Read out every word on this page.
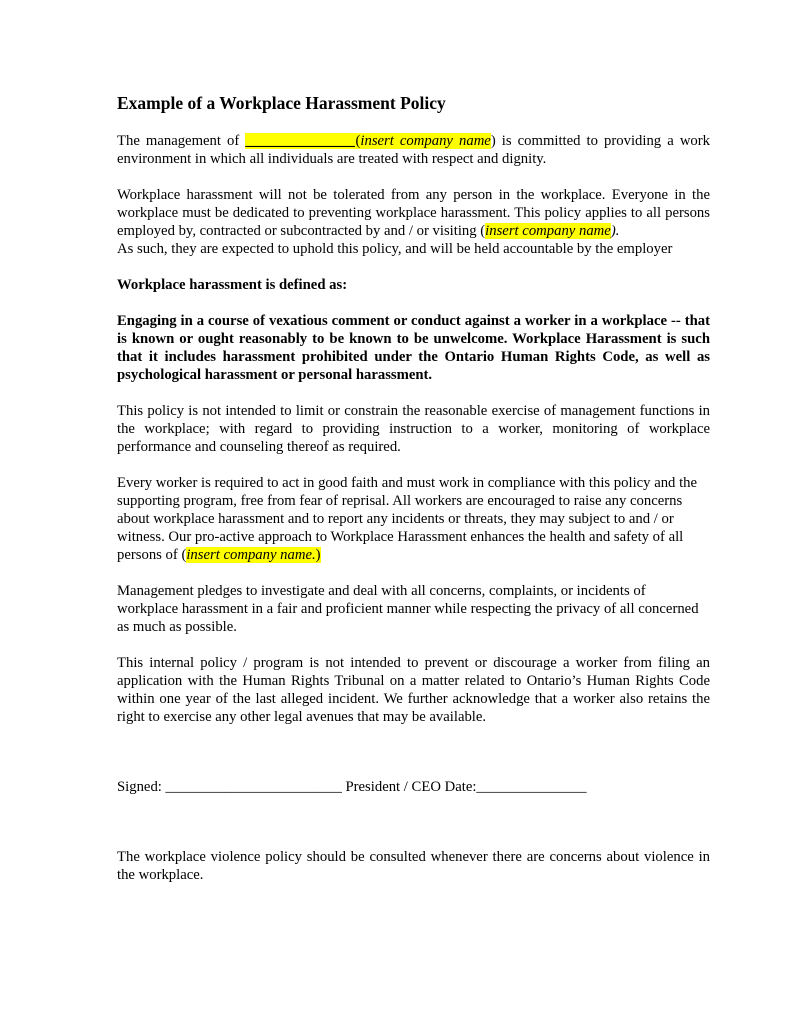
Example of a Workplace Harassment Policy

The management of _______________(insert company name) is committed to providing a work environment in which all individuals are treated with respect and dignity.

Workplace harassment will not be tolerated from any person in the workplace. Everyone in the workplace must be dedicated to preventing workplace harassment. This policy applies to all persons employed by, contracted or subcontracted by and / or visiting (insert company name).
As such, they are expected to uphold this policy, and will be held accountable by the employer

Workplace harassment is defined as:

Engaging in a course of vexatious comment or conduct against a worker in a workplace -- that is known or ought reasonably to be known to be unwelcome. Workplace Harassment is such that it includes harassment prohibited under the Ontario Human Rights Code, as well as psychological harassment or personal harassment.

This policy is not intended to limit or constrain the reasonable exercise of management functions in the workplace; with regard to providing instruction to a worker, monitoring of workplace performance and counseling thereof as required.

Every worker is required to act in good faith and must work in compliance with this policy and the supporting program, free from fear of reprisal. All workers are encouraged to raise any concerns about workplace harassment and to report any incidents or threats, they may subject to and / or witness. Our pro-active approach to Workplace Harassment enhances the health and safety of all persons of (insert company name.)

Management pledges to investigate and deal with all concerns, complaints, or incidents of workplace harassment in a fair and proficient manner while respecting the privacy of all concerned as much as possible.

This internal policy / program is not intended to prevent or discourage a worker from filing an application with the Human Rights Tribunal on a matter related to Ontario’s Human Rights Code within one year of the last alleged incident. We further acknowledge that a worker also retains the right to exercise any other legal avenues that may be available.

Signed: ________________________ President / CEO Date:_______________

The workplace violence policy should be consulted whenever there are concerns about violence in the workplace.
